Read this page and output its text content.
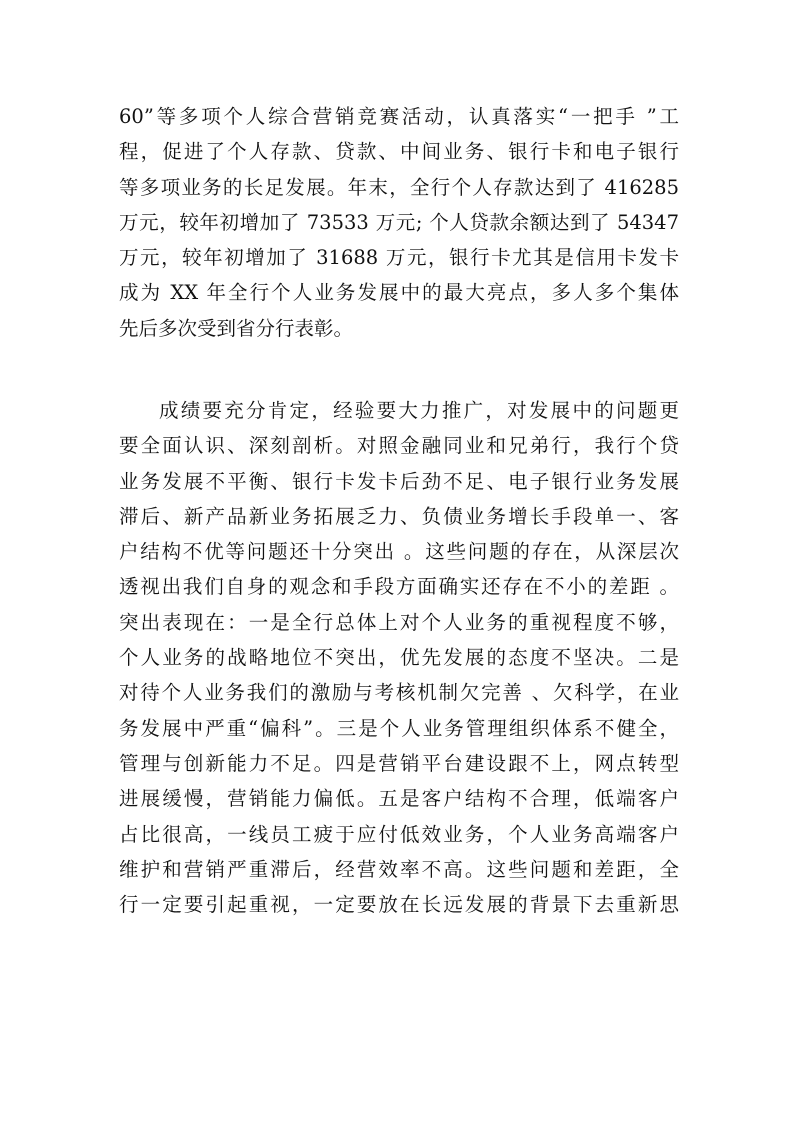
60”等多项个人综合营销竞赛活动，认真落实“一把手 ”工
程，促进了个人存款、贷款、中间业务、银行卡和电子银行
等多项业务的长足发展。年末，全行个人存款达到了 416285
万元，较年初增加了 73533 万元; 个人贷款余额达到了 54347
万元，较年初增加了 31688 万元，银行卡尤其是信用卡发卡
成为 XX 年全行个人业务发展中的最大亮点，多人多个集体
先后多次受到省分行表彰。
成绩要充分肯定，经验要大力推广，对发展中的问题更
要全面认识、深刻剖析。对照金融同业和兄弟行，我行个贷
业务发展不平衡、银行卡发卡后劲不足、电子银行业务发展
滞后、新产品新业务拓展乏力、负债业务增长手段单一、客
户结构不优等问题还十分突出 。这些问题的存在，从深层次
透视出我们自身的观念和手段方面确实还存在不小的差距 。
突出表现在：一是全行总体上对个人业务的重视程度不够，
个人业务的战略地位不突出，优先发展的态度不坚决。二是
对待个人业务我们的激励与考核机制欠完善 、欠科学，在业
务发展中严重“偏科”。三是个人业务管理组织体系不健全，
管理与创新能力不足。四是营销平台建设跟不上，网点转型
进展缓慢，营销能力偏低。五是客户结构不合理，低端客户
占比很高，一线员工疲于应付低效业务，个人业务高端客户
维护和营销严重滞后，经营效率不高。这些问题和差距，全
行一定要引起重视，一定要放在长远发展的背景下去重新思
